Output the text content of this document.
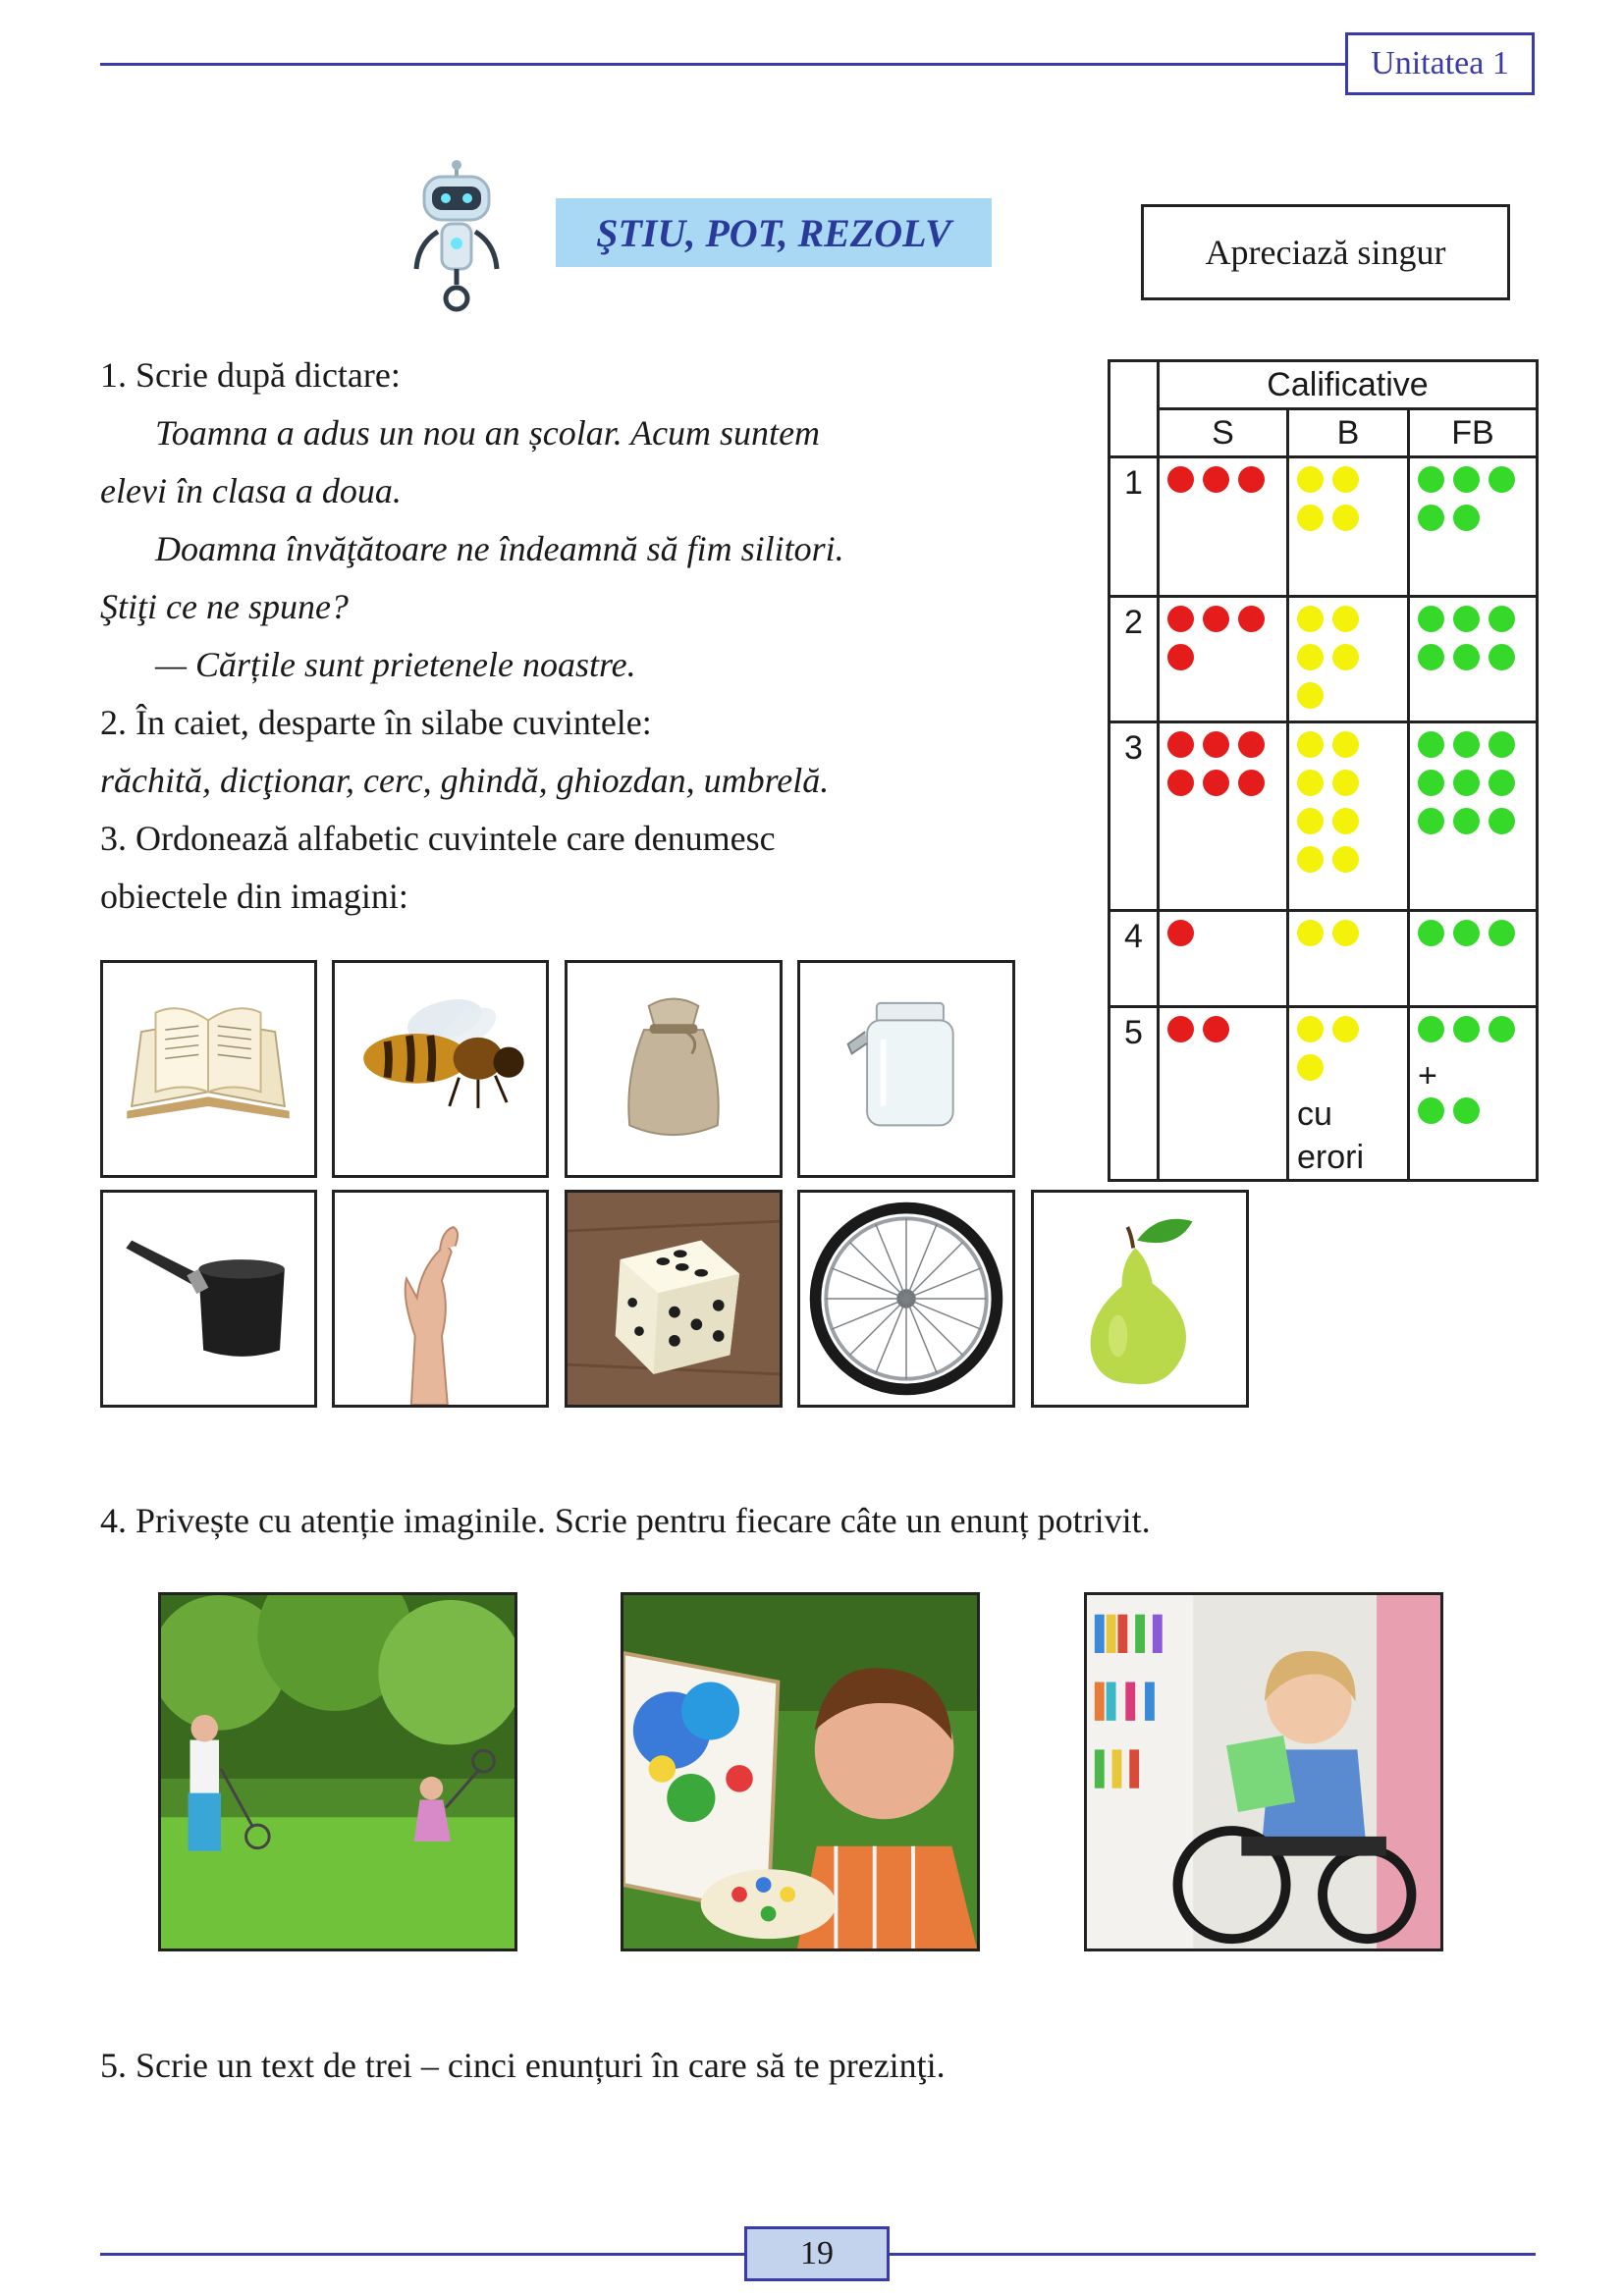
Unitatea 1
ŞTIU, POT, REZOLV	Apreciază singur
1. Scrie după dictare:
Toamna a adus un nou an școlar. Acum suntem
elevi în clasa a doua.
Doamna învăţătoare ne îndeamnă să fim silitori.
Ştiţi ce ne spune?
— Cărțile sunt prietenele noastre.
2. În caiet, desparte în silabe cuvintele:
răchită, dicţionar, cerc, ghindă, ghiozdan, umbrelă.
3. Ordonează alfabetic cuvintele care denumesc
obiectele din imagini:
4. Privește cu atenție imaginile. Scrie pentru fiecare câte un enunț potrivit.
5. Scrie un text de trei – cinci enunțuri în care să te prezinţi.
	Calificative		
	S	B	FB
1			
2			
3			
4			
5		cu erori	+
19
